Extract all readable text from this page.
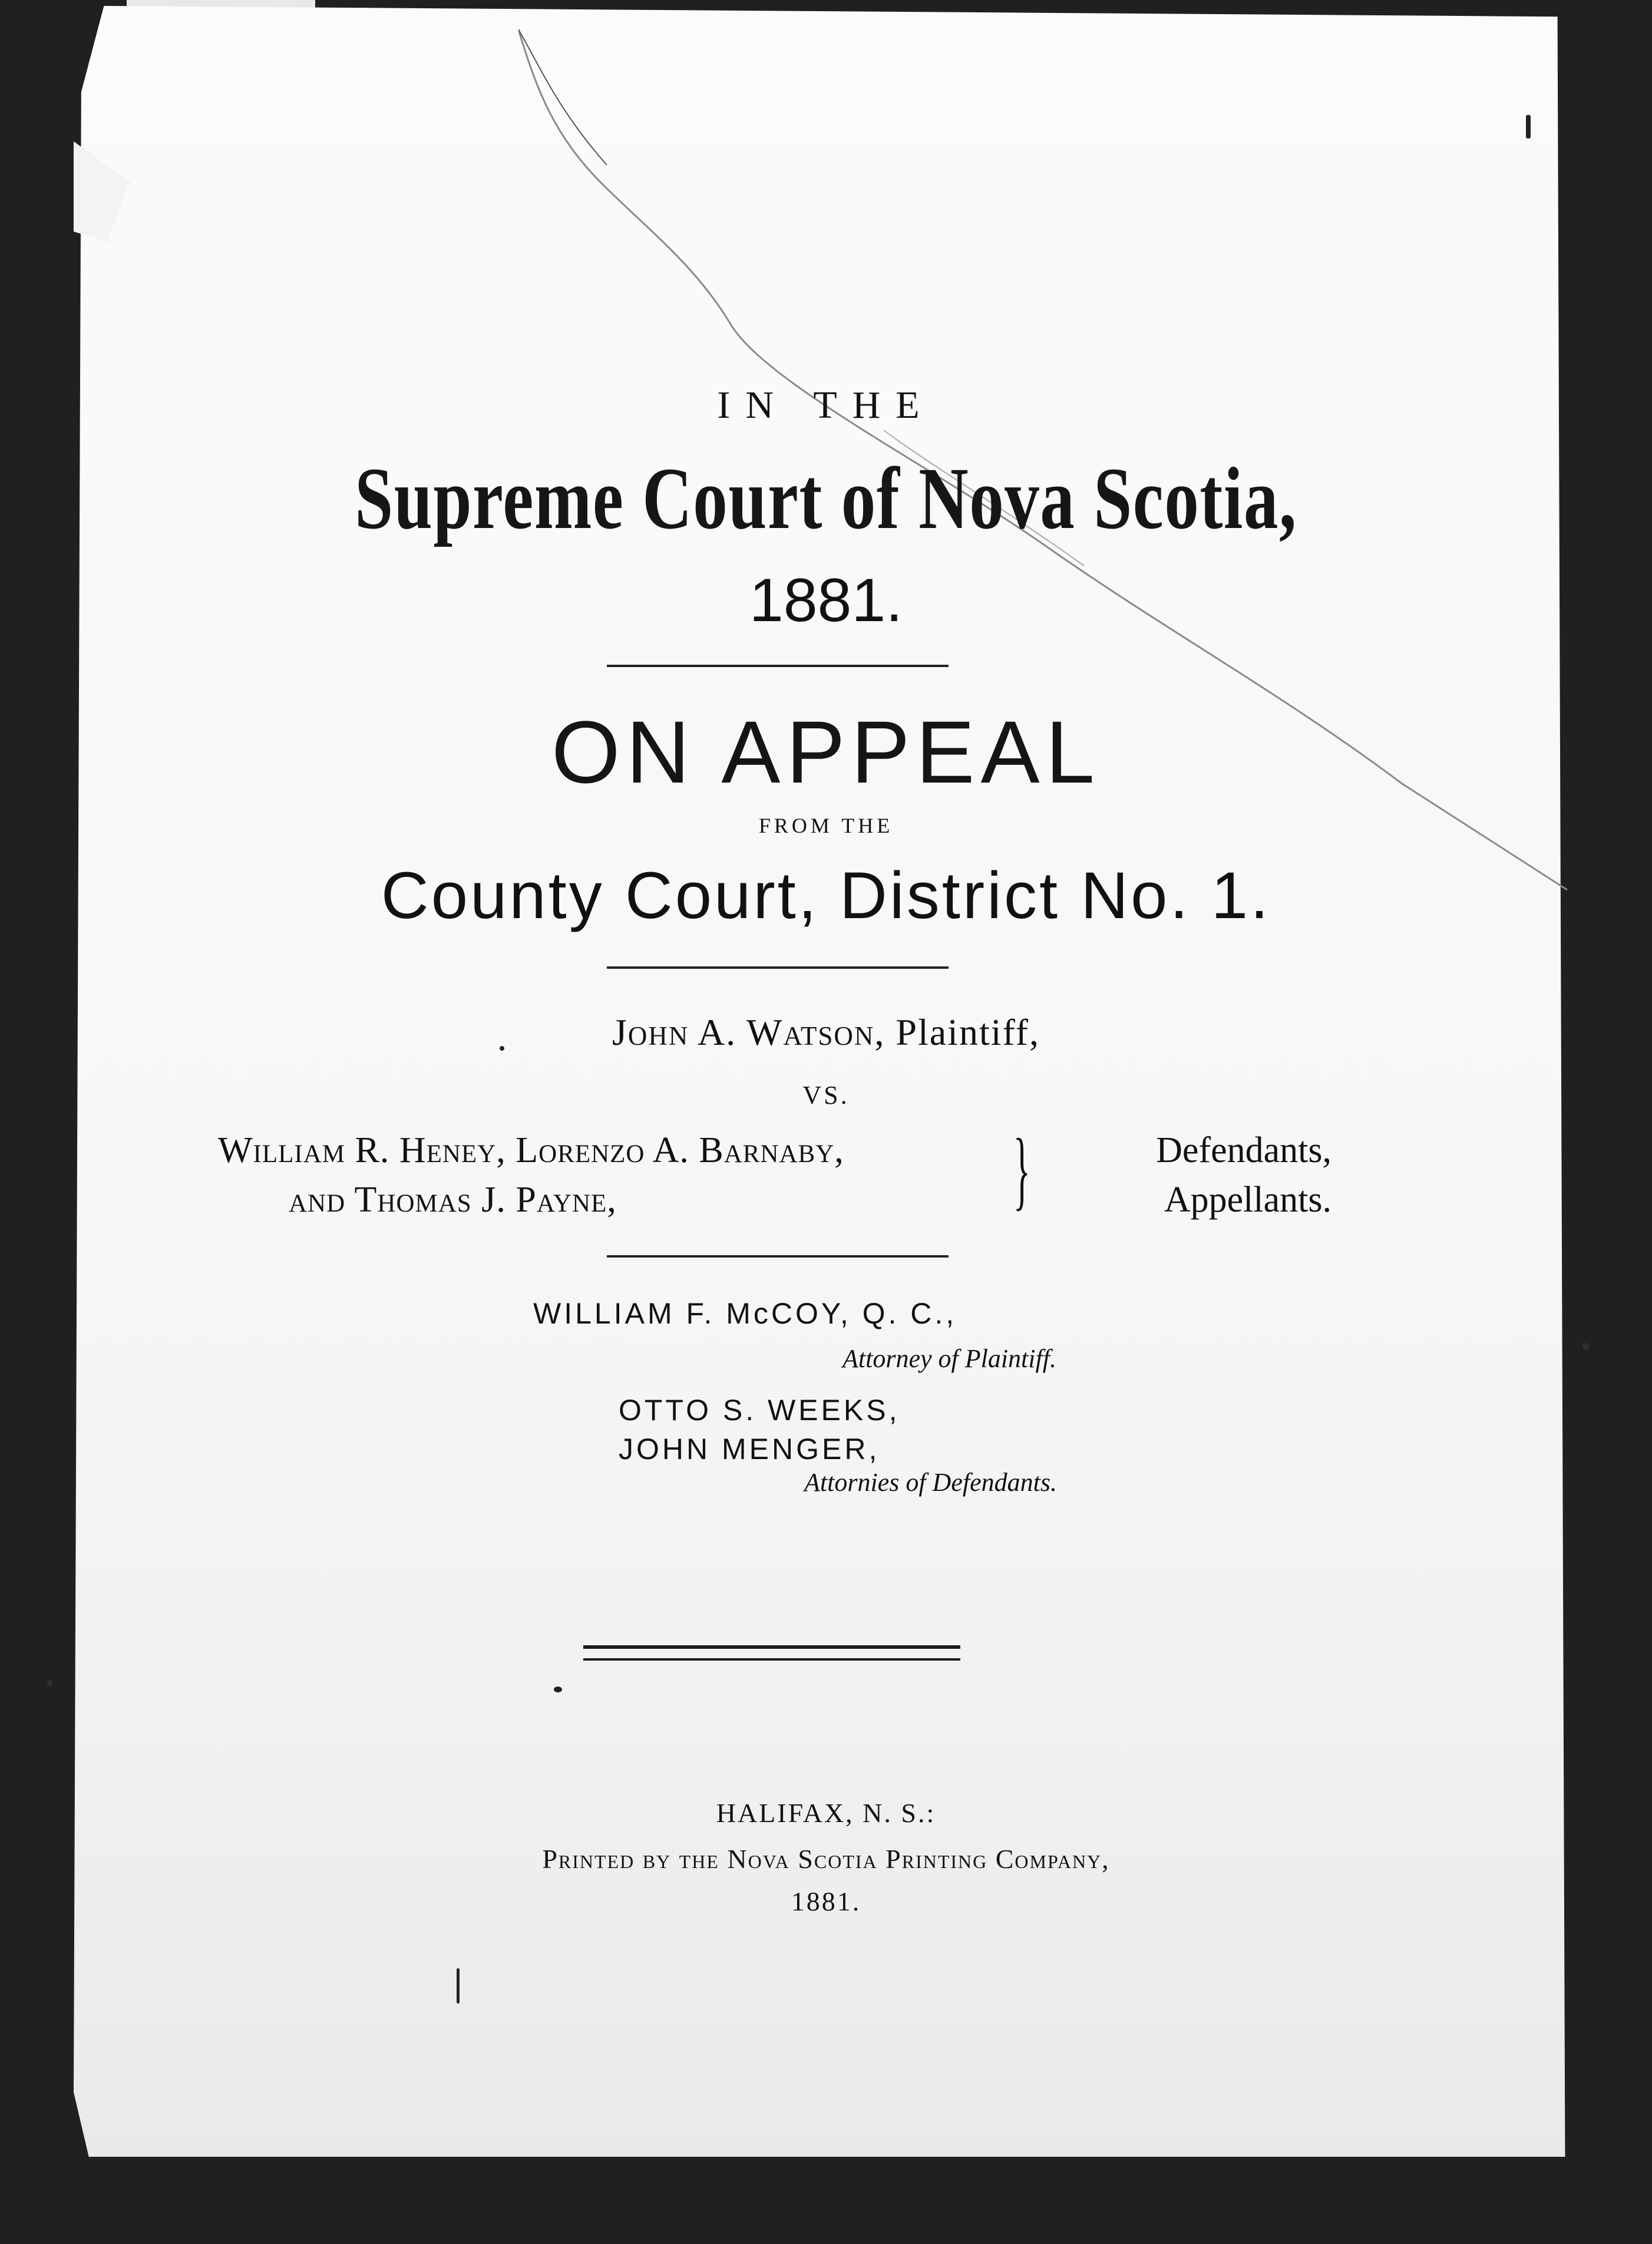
IN THE
Supreme Court of Nova Scotia,
1881.
ON APPEAL
FROM THE
County Court, District No. 1.
John A. Watson, Plaintiff,
VS.
William R. Heney, Lorenzo A. Barnaby,
and Thomas J. Payne,	}	Defendants,
Appellants.
WILLIAM F. McCOY, Q. C.,
Attorney of Plaintiff.
OTTO S. WEEKS,
JOHN MENGER,
Attornies of Defendants.
HALIFAX, N. S.:
Printed by the Nova Scotia Printing Company,
1881.
